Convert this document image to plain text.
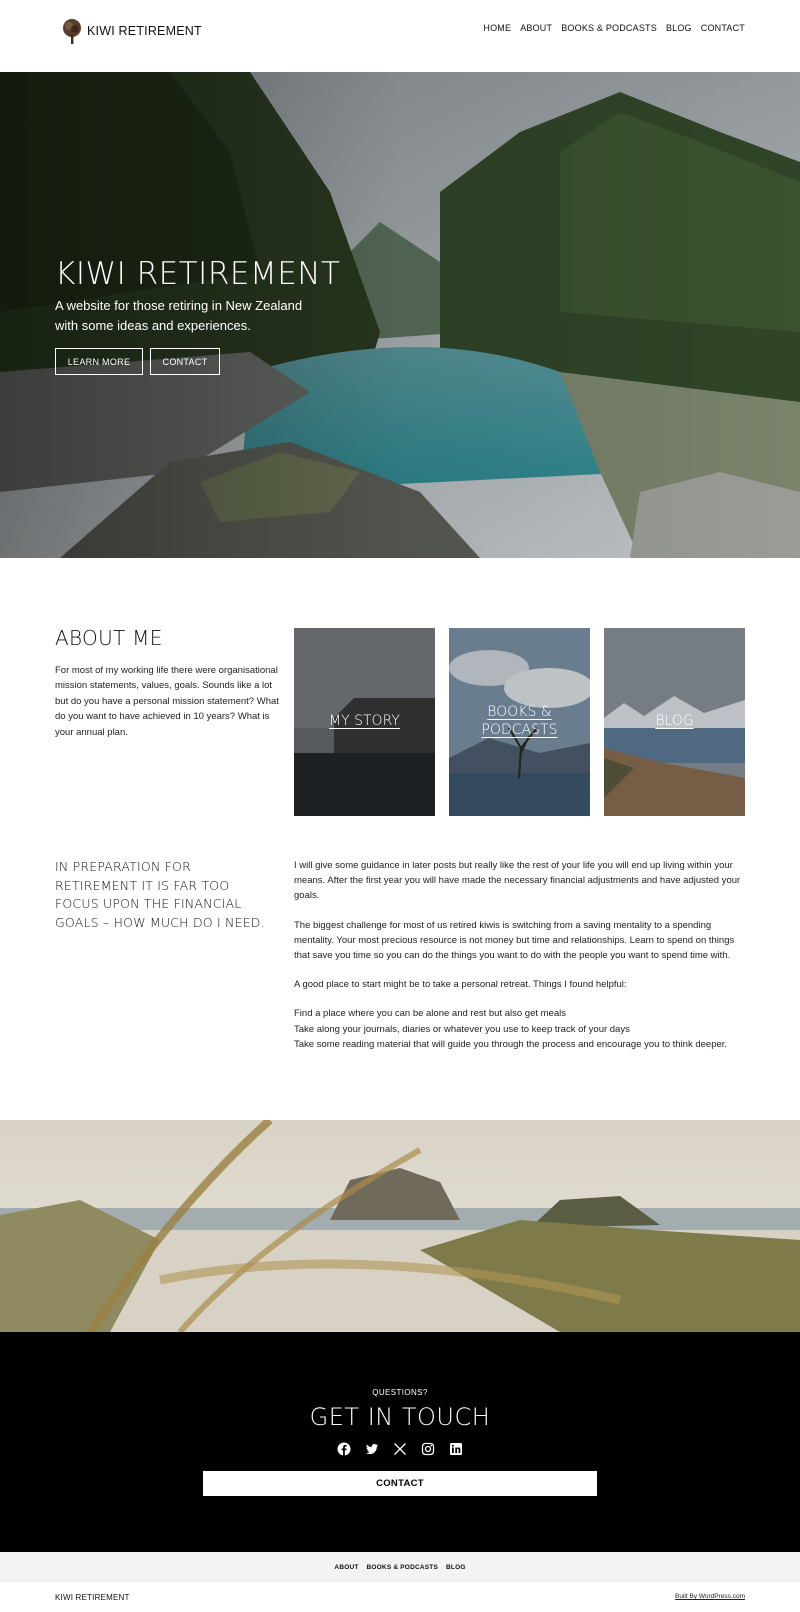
KIWI RETIREMENT	HOME ABOUT BOOKS & PODCASTS BLOG CONTACT
KIWI RETIREMENT

A website for those retiring in New Zealand with some ideas and experiences.

LEARN MORE	CONTACT
ABOUT ME

For most of my working life there were organisational mission statements, values, goals. Sounds like a lot but do you have a personal mission statement? What do you want to have achieved in 10 years? What is your annual plan.

MY STORY
BOOKS &
PODCASTS
BLOG
IN PREPARATION FOR RETIREMENT IT IS FAR TOO FOCUS UPON THE FINANCIAL GOALS – HOW MUCH DO I NEED.

I will give some guidance in later posts but really like the rest of your life you will end up living within your means. After the first year you will have made the necessary financial adjustments and have adjusted your goals.

The biggest challenge for most of us retired kiwis is switching from a saving mentality to a spending mentality. Your most precious resource is not money but time and relationships. Learn to spend on things that save you time so you can do the things you want to do with the people you want to spend time with.

A good place to start might be to take a personal retreat. Things I found helpful:

Find a place where you can be alone and rest but also get meals

Take along your journals, diaries or whatever you use to keep track of your days

Take some reading material that will guide you through the process and encourage you to think deeper.

QUESTIONS?
GET IN TOUCH
CONTACT
ABOUT BOOKS & PODCASTS BLOG
KIWI RETIREMENT	Built By WordPress.com
